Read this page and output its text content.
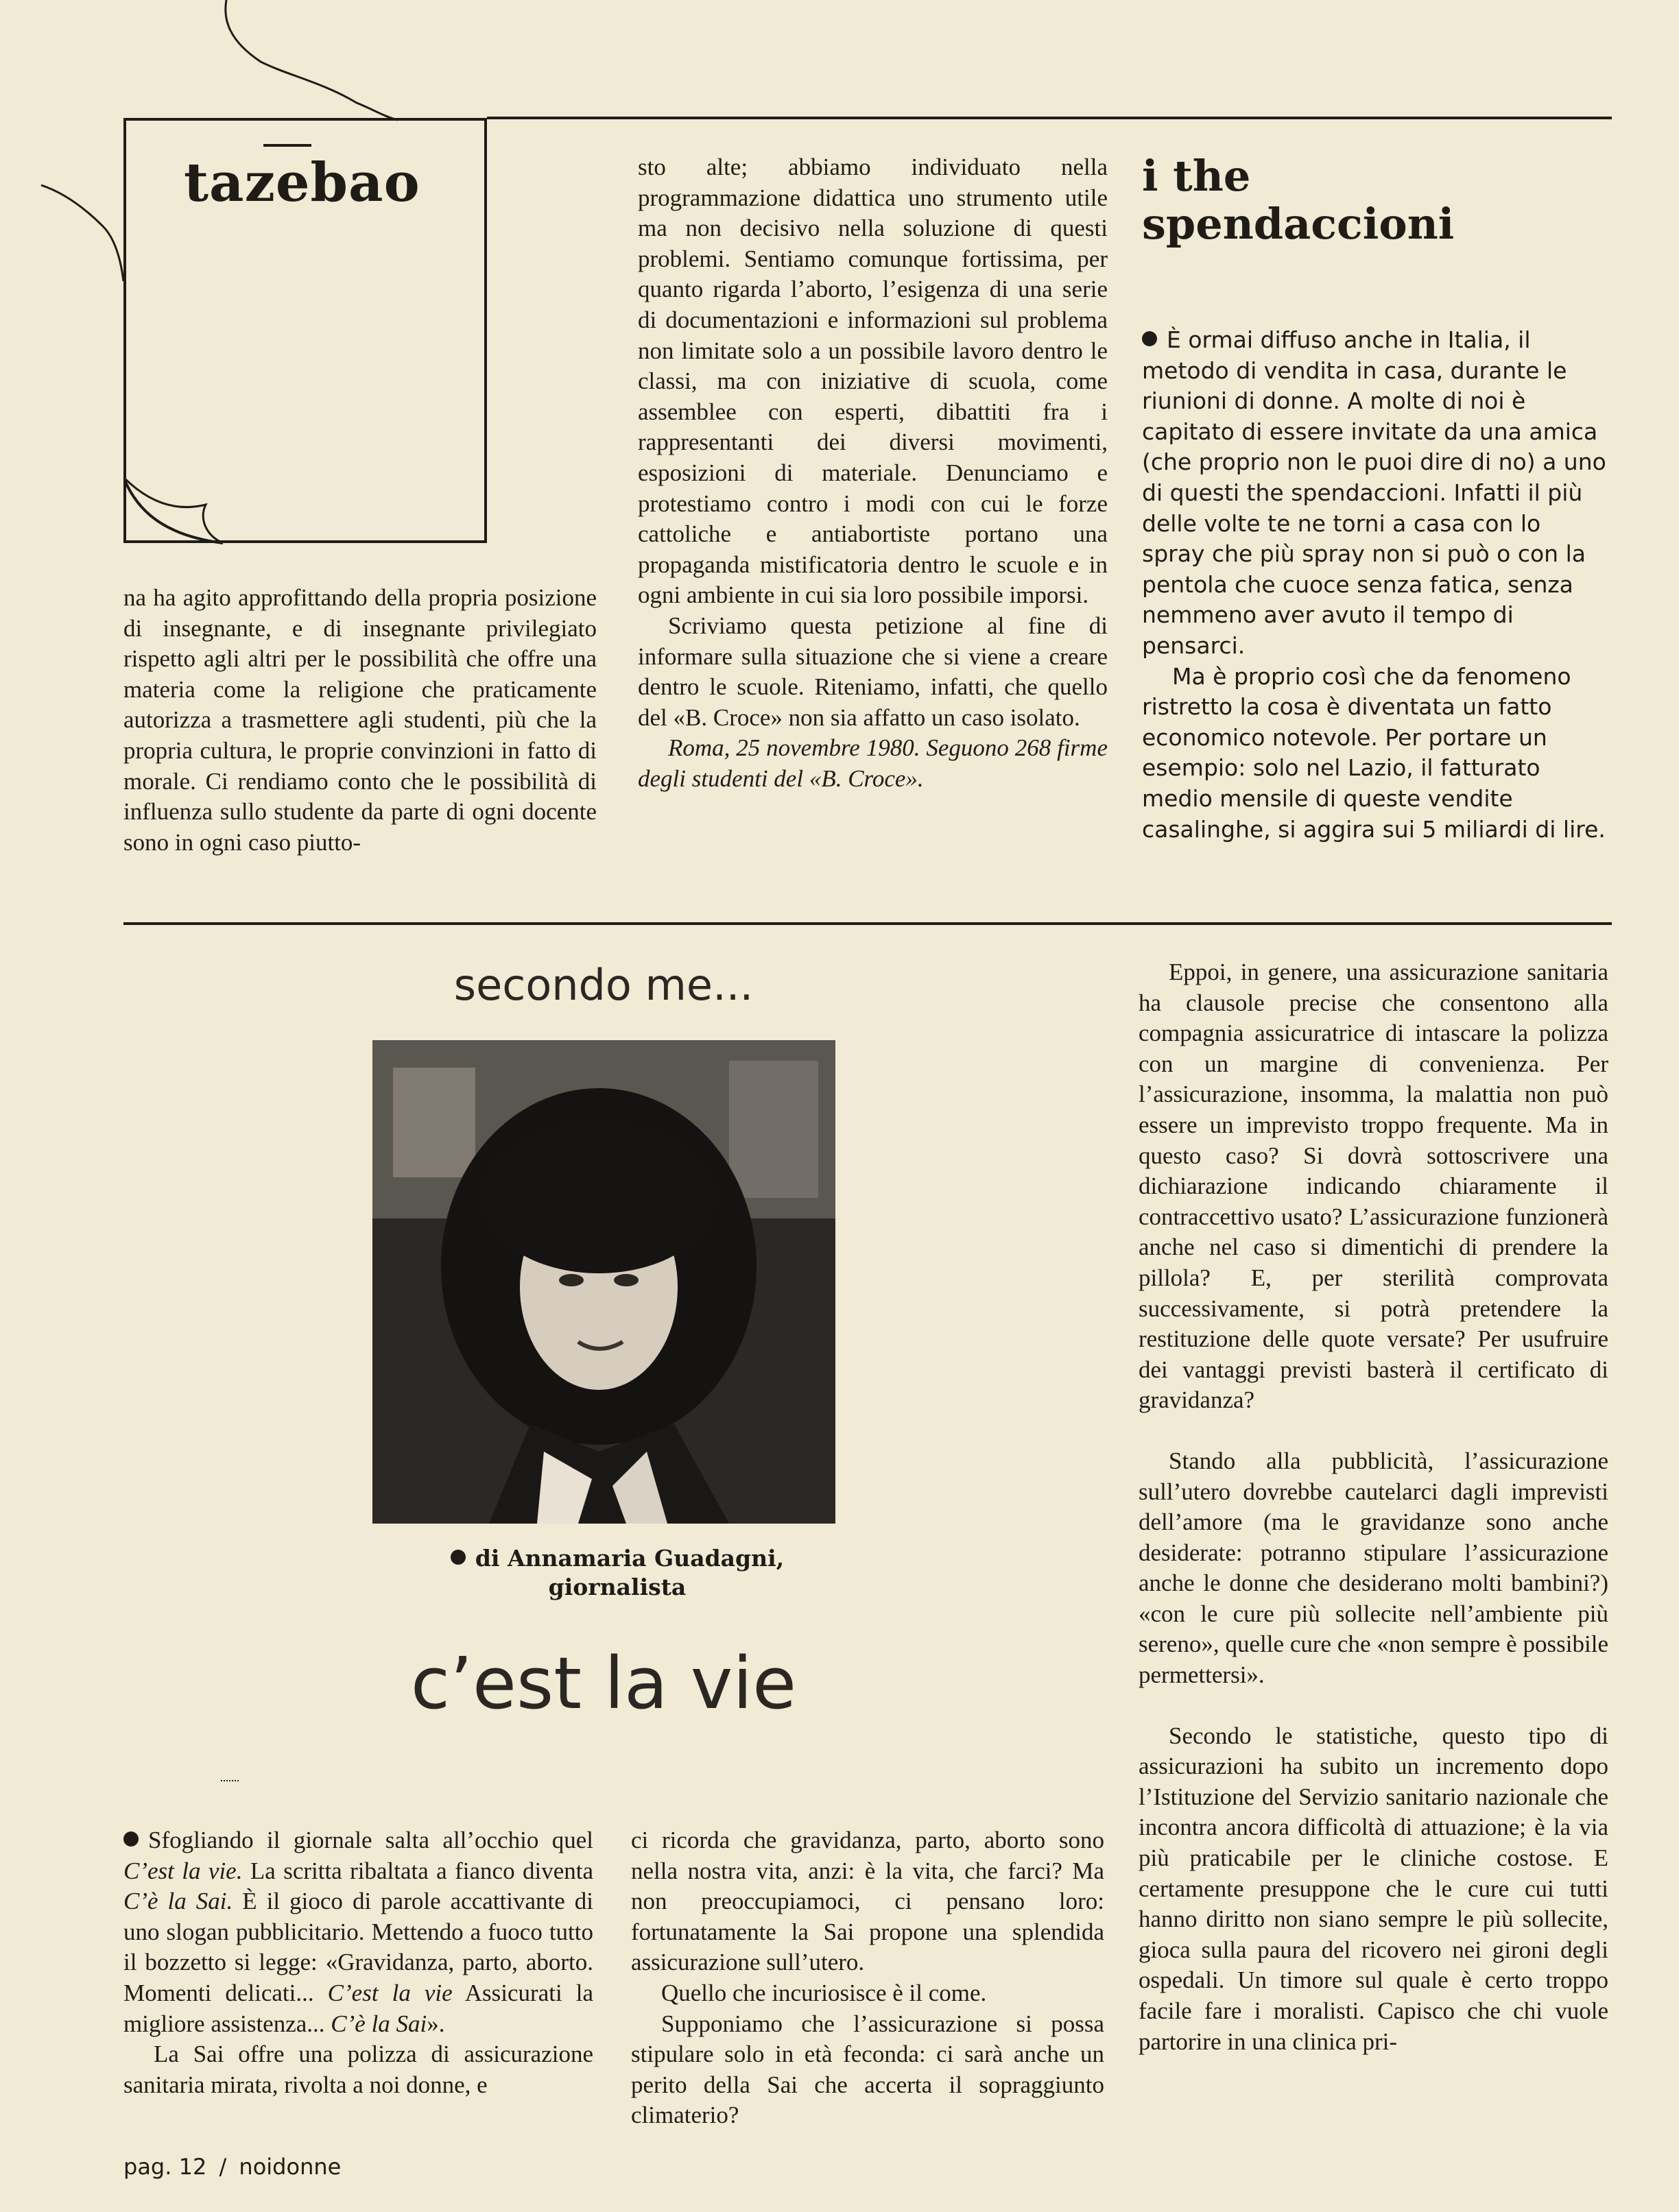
tazebao

na ha agito approfittando della propria posizione di insegnante, e di insegnante privilegiato rispetto agli altri per le possibilità che offre una materia come la religione che praticamente autorizza a trasmettere agli studenti, più che la propria cultura, le proprie convinzioni in fatto di morale. Ci rendiamo conto che le possibilità di influenza sullo studente da parte di ogni docente sono in ogni caso piutto-

sto alte; abbiamo individuato nella programmazione didattica uno strumento utile ma non decisivo nella soluzione di questi problemi. Sentiamo comunque fortissima, per quanto rigarda l’aborto, l’esigenza di una serie di documentazioni e informazioni sul problema non limitate solo a un possibile lavoro dentro le classi, ma con iniziative di scuola, come assemblee con esperti, dibattiti fra i rappresentanti dei diversi movimenti, esposizioni di materiale. Denunciamo e protestiamo contro i modi con cui le forze cattoliche e antiabortiste portano una propaganda mistificatoria dentro le scuole e in ogni ambiente in cui sia loro possibile imporsi.

Scriviamo questa petizione al fine di informare sulla situazione che si viene a creare dentro le scuole. Riteniamo, infatti, che quello del «B. Croce» non sia affatto un caso isolato.

Roma, 25 novembre 1980. Seguono 268 firme degli studenti del «B. Croce».

i the
spendaccioni

È ormai diffuso anche in Italia, il metodo di vendita in casa, durante le riunioni di donne. A molte di noi è capitato di essere invitate da una amica (che proprio non le puoi dire di no) a uno di questi the spendaccioni. Infatti il più delle volte te ne torni a casa con lo spray che più spray non si può o con la pentola che cuoce senza fatica, senza nemmeno aver avuto il tempo di pensarci.

Ma è proprio così che da fenomeno ristretto la cosa è diventata un fatto economico notevole. Per portare un esempio: solo nel Lazio, il fatturato medio mensile di queste vendite casalinghe, si aggira sui 5 miliardi di lire.

secondo me...
di Annamaria Guadagni,
giornalista
c’est la vie

Sfogliando il giornale salta all’occhio quel C’est la vie. La scritta ribaltata a fianco diventa C’è la Sai. È il gioco di parole accattivante di uno slogan pubblicitario. Mettendo a fuoco tutto il bozzetto si legge: «Gravidanza, parto, aborto. Momenti delicati... C’est la vie Assicurati la migliore assistenza... C’è la Sai».

La Sai offre una polizza di assicurazione sanitaria mirata, rivolta a noi donne, e

ci ricorda che gravidanza, parto, aborto sono nella nostra vita, anzi: è la vita, che farci? Ma non preoccupiamoci, ci pensano loro: fortunatamente la Sai propone una splendida assicurazione sull’utero.

Quello che incuriosisce è il come.

Supponiamo che l’assicurazione si possa stipulare solo in età feconda: ci sarà anche un perito della Sai che accerta il sopraggiunto climaterio?

Eppoi, in genere, una assicurazione sanitaria ha clausole precise che consentono alla compagnia assicuratrice di intascare la polizza con un margine di convenienza. Per l’assicurazione, insomma, la malattia non può essere un imprevisto troppo frequente. Ma in questo caso? Si dovrà sottoscrivere una dichiarazione indicando chiaramente il contraccettivo usato? L’assicurazione funzionerà anche nel caso si dimentichi di prendere la pillola? E, per sterilità comprovata successivamente, si potrà pretendere la restituzione delle quote versate? Per usufruire dei vantaggi previsti basterà il certificato di gravidanza?

Stando alla pubblicità, l’assicurazione sull’utero dovrebbe cautelarci dagli imprevisti dell’amore (ma le gravidanze sono anche desiderate: potranno stipulare l’assicurazione anche le donne che desiderano molti bambini?) «con le cure più sollecite nell’ambiente più sereno», quelle cure che «non sempre è possibile permettersi».

Secondo le statistiche, questo tipo di assicurazioni ha subito un incremento dopo l’Istituzione del Servizio sanitario nazionale che incontra ancora difficoltà di attuazione; è la via più praticabile per le cliniche costose. E certamente presuppone che le cure cui tutti hanno diritto non siano sempre le più sollecite, gioca sulla paura del ricovero nei gironi degli ospedali. Un timore sul quale è certo troppo facile fare i moralisti. Capisco che chi vuole partorire in una clinica pri-

pag. 12 / noidonne
